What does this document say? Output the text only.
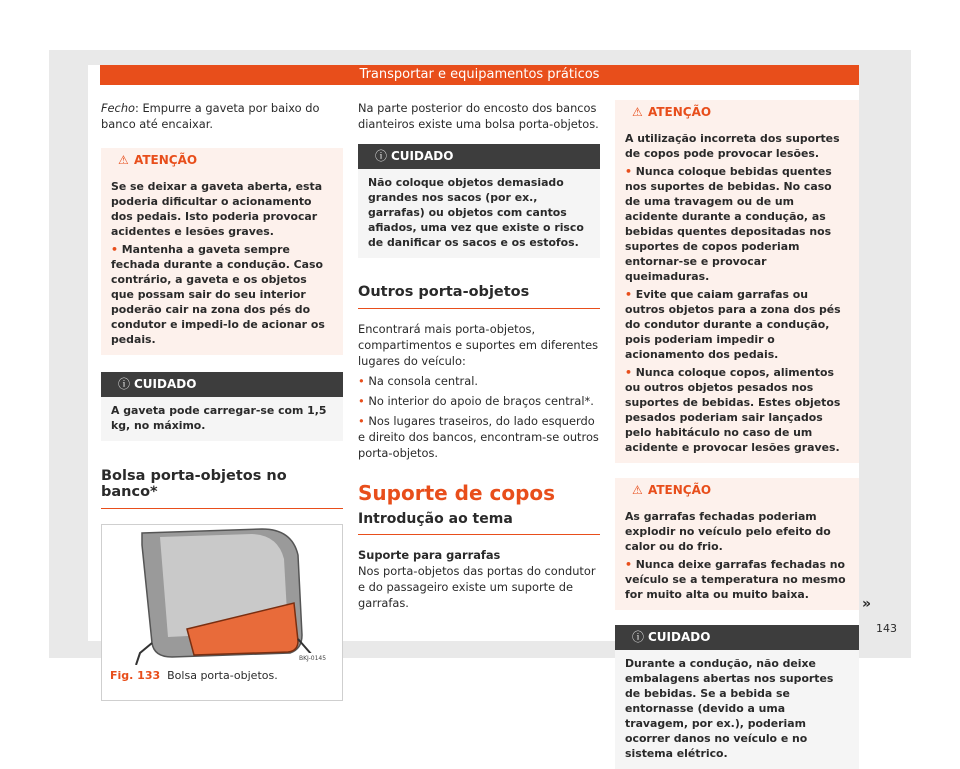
Transportar e equipamentos práticos

Fecho: Empurre a gaveta por baixo do banco até encaixar.

⚠ ATENÇÃO

Se se deixar a gaveta aberta, esta poderia dificultar o acionamento dos pedais. Isto poderia provocar acidentes e lesões graves.

• Mantenha a gaveta sempre fechada durante a condução. Caso contrário, a gaveta e os objetos que possam sair do seu interior poderão cair na zona dos pés do condutor e impedi-lo de acionar os pedais.

ⓘ CUIDADO

A gaveta pode carregar-se com 1,5 kg, no máximo.

Bolsa porta-objetos no banco*
BKJ-0145
Fig. 133 Bolsa porta-objetos.

Na parte posterior do encosto dos bancos dianteiros existe uma bolsa porta-objetos.

ⓘ CUIDADO

Não coloque objetos demasiado grandes nos sacos (por ex., garrafas) ou objetos com cantos afiados, uma vez que existe o risco de danificar os sacos e os estofos.

Outros porta-objetos

Encontrará mais porta-objetos, compartimentos e suportes em diferentes lugares do veículo:

• Na consola central.

• No interior do apoio de braços central*.

• Nos lugares traseiros, do lado esquerdo e direito dos bancos, encontram-se outros porta-objetos.

Suporte de copos
Introdução ao tema

Suporte para garrafas

Nos porta-objetos das portas do condutor e do passageiro existe um suporte de garrafas.

⚠ ATENÇÃO

A utilização incorreta dos suportes de copos pode provocar lesões.

• Nunca coloque bebidas quentes nos suportes de bebidas. No caso de uma travagem ou de um acidente durante a condução, as bebidas quentes depositadas nos suportes de copos poderiam entornar-se e provocar queimaduras.

• Evite que caiam garrafas ou outros objetos para a zona dos pés do condutor durante a condução, pois poderiam impedir o acionamento dos pedais.

• Nunca coloque copos, alimentos ou outros objetos pesados nos suportes de bebidas. Estes objetos pesados poderiam sair lançados pelo habitáculo no caso de um acidente e provocar lesões graves.

⚠ ATENÇÃO

As garrafas fechadas poderiam explodir no veículo pelo efeito do calor ou do frio.

• Nunca deixe garrafas fechadas no veículo se a temperatura no mesmo for muito alta ou muito baixa.

ⓘ CUIDADO

Durante a condução, não deixe embalagens abertas nos suportes de bebidas. Se a bebida se entornasse (devido a uma travagem, por ex.), poderiam ocorrer danos no veículo e no sistema elétrico.

»
143
